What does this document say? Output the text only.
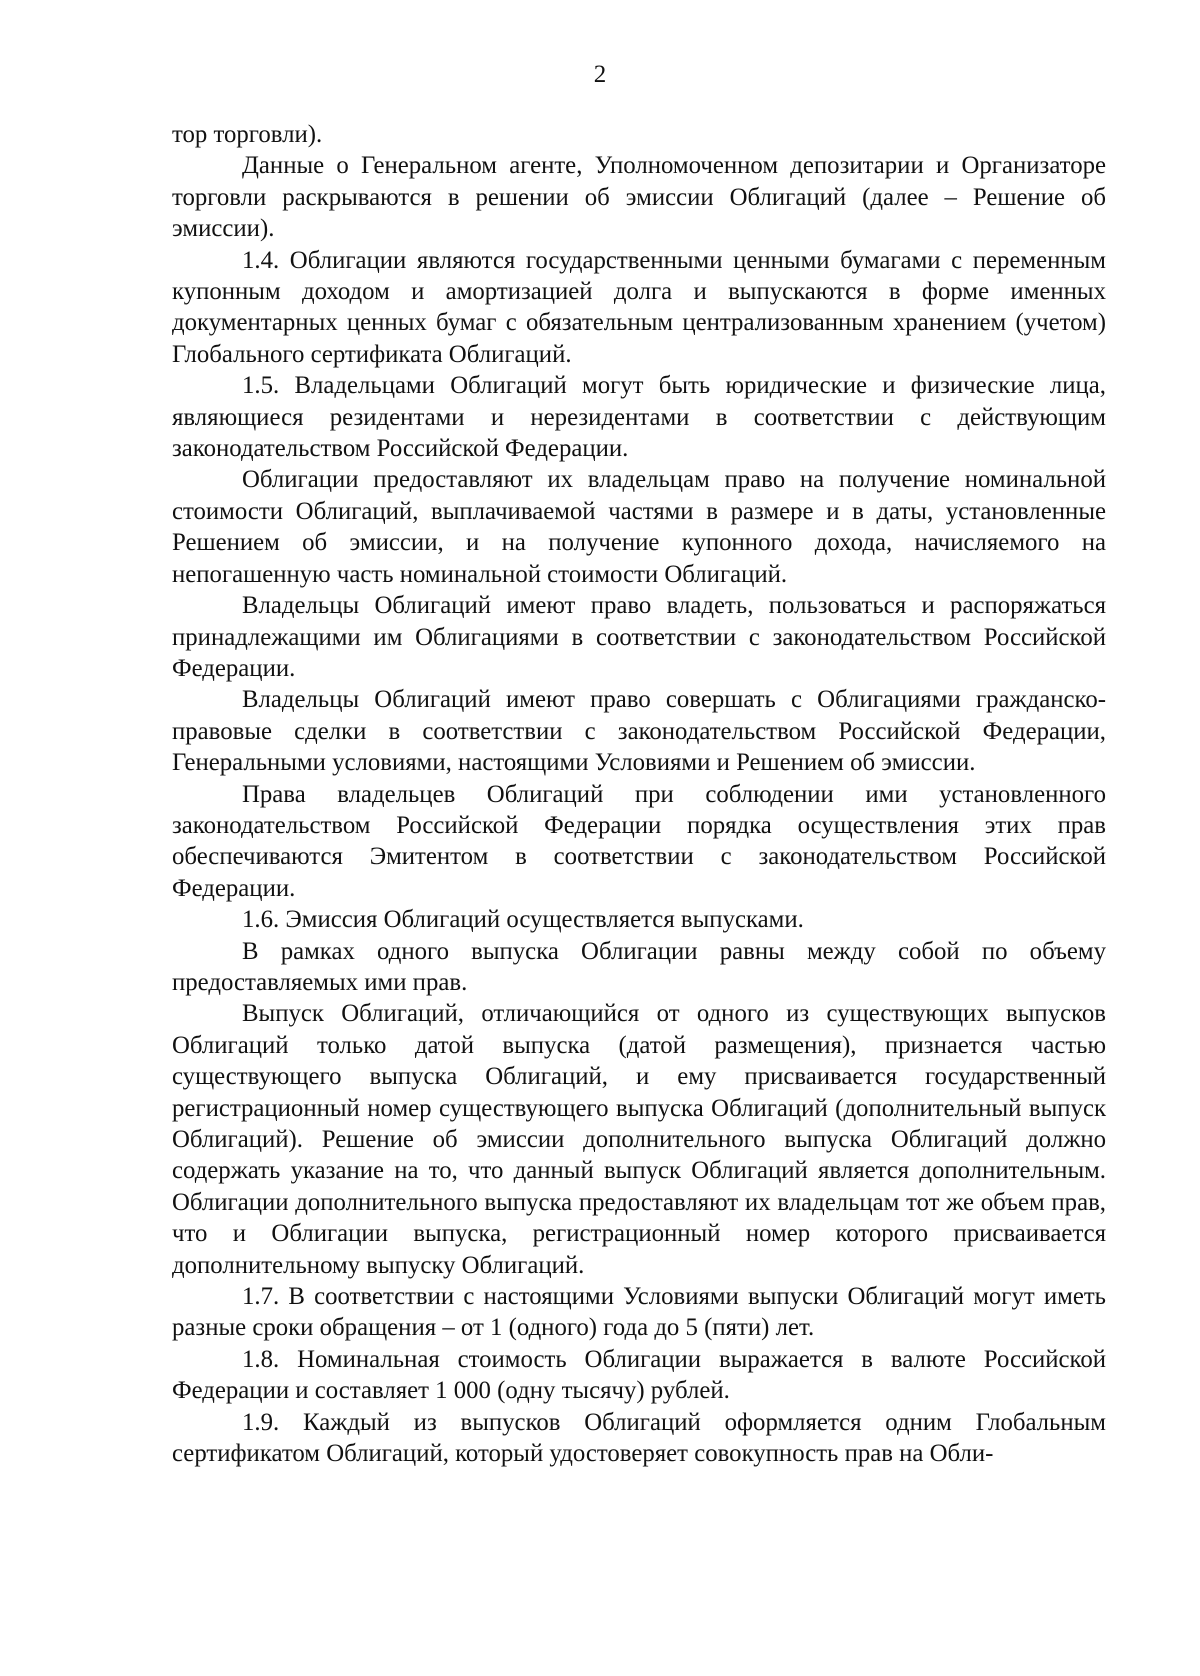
2

тор торговли).

Данные о Генеральном агенте, Уполномоченном депозитарии и Организаторе торговли раскрываются в решении об эмиссии Облигаций (далее – Решение об эмиссии).

1.4. Облигации являются государственными ценными бумагами с переменным купонным доходом и амортизацией долга и выпускаются в форме именных документарных ценных бумаг с обязательным централизованным хранением (учетом) Глобального сертификата Облигаций.

1.5. Владельцами Облигаций могут быть юридические и физические лица, являющиеся резидентами и нерезидентами в соответствии с действующим законодательством Российской Федерации.

Облигации предоставляют их владельцам право на получение номинальной стоимости Облигаций, выплачиваемой частями в размере и в даты, установленные Решением об эмиссии, и на получение купонного дохода, начисляемого на непогашенную часть номинальной стоимости Облигаций.

Владельцы Облигаций имеют право владеть, пользоваться и распоряжаться принадлежащими им Облигациями в соответствии с законодательством Российской Федерации.

Владельцы Облигаций имеют право совершать с Облигациями гражданско-правовые сделки в соответствии с законодательством Российской Федерации, Генеральными условиями, настоящими Условиями и Решением об эмиссии.

Права владельцев Облигаций при соблюдении ими установленного законодательством Российской Федерации порядка осуществления этих прав обеспечиваются Эмитентом в соответствии с законодательством Российской Федерации.

1.6. Эмиссия Облигаций осуществляется выпусками.

В рамках одного выпуска Облигации равны между собой по объему предоставляемых ими прав.

Выпуск Облигаций, отличающийся от одного из существующих выпусков Облигаций только датой выпуска (датой размещения), признается частью существующего выпуска Облигаций, и ему присваивается государственный регистрационный номер существующего выпуска Облигаций (дополнительный выпуск Облигаций). Решение об эмиссии дополнительного выпуска Облигаций должно содержать указание на то, что данный выпуск Облигаций является дополнительным. Облигации дополнительного выпуска предоставляют их владельцам тот же объем прав, что и Облигации выпуска, регистрационный номер которого присваивается дополнительному выпуску Облигаций.

1.7. В соответствии с настоящими Условиями выпуски Облигаций могут иметь разные сроки обращения – от 1 (одного) года до 5 (пяти) лет.

1.8. Номинальная стоимость Облигации выражается в валюте Российской Федерации и составляет 1 000 (одну тысячу) рублей.

1.9. Каждый из выпусков Облигаций оформляется одним Глобальным сертификатом Облигаций, который удостоверяет совокупность прав на Обли-
